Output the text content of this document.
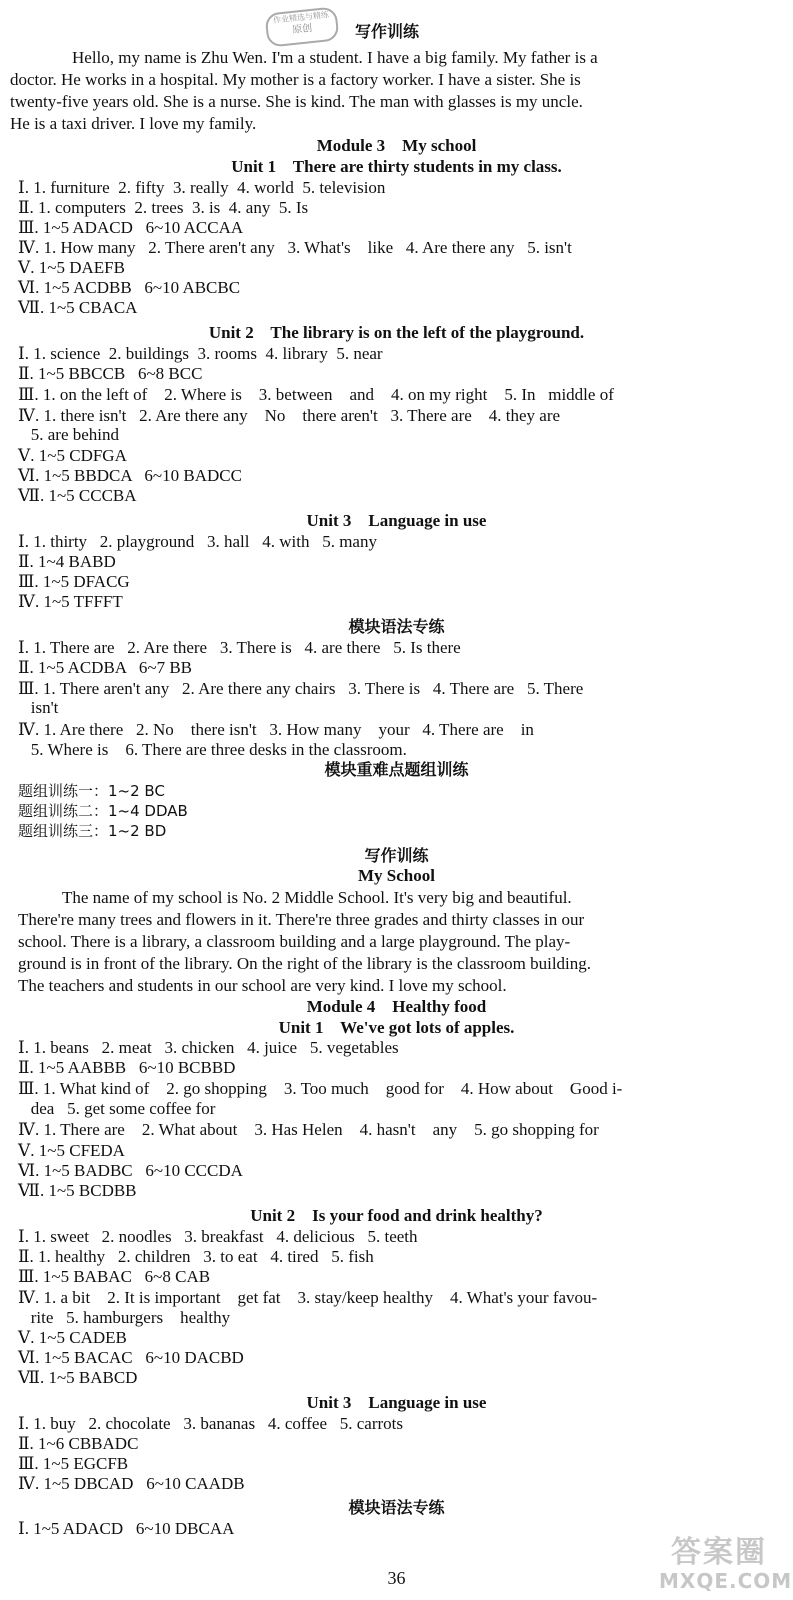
作业精选与精练
原创	写作训练
Hello, my name is Zhu Wen. I'm a student. I have a big family. My father is a
doctor. He works in a hospital. My mother is a factory worker. I have a sister. She is
twenty-five years old. She is a nurse. She is kind. The man with glasses is my uncle.
He is a taxi driver. I love my family.
Module 3    My school
Unit 1    There are thirty students in my class.
Ⅰ. 1. furniture  2. fifty  3. really  4. world  5. television
Ⅱ. 1. computers  2. trees  3. is  4. any  5. Is
Ⅲ. 1~5 ADACD   6~10 ACCAA
Ⅳ. 1. How many   2. There aren't any   3. What's    like   4. Are there any   5. isn't
Ⅴ. 1~5 DAEFB
Ⅵ. 1~5 ACDBB   6~10 ABCBC
Ⅶ. 1~5 CBACA
Unit 2    The library is on the left of the playground.
Ⅰ. 1. science  2. buildings  3. rooms  4. library  5. near
Ⅱ. 1~5 BBCCB   6~8 BCC
Ⅲ. 1. on the left of    2. Where is    3. between    and    4. on my right    5. In   middle of
Ⅳ. 1. there isn't   2. Are there any    No    there aren't   3. There are    4. they are
5. are behind
Ⅴ. 1~5 CDFGA
Ⅵ. 1~5 BBDCA   6~10 BADCC
Ⅶ. 1~5 CCCBA
Unit 3    Language in use
Ⅰ. 1. thirty   2. playground   3. hall   4. with   5. many
Ⅱ. 1~4 BABD
Ⅲ. 1~5 DFACG
Ⅳ. 1~5 TFFFT
模块语法专练
Ⅰ. 1. There are   2. Are there   3. There is   4. are there   5. Is there
Ⅱ. 1~5 ACDBA   6~7 BB
Ⅲ. 1. There aren't any   2. Are there any chairs   3. There is   4. There are   5. There
isn't
Ⅳ. 1. Are there   2. No    there isn't   3. How many    your   4. There are    in
5. Where is    6. There are three desks in the classroom.
模块重难点题组训练
题组训练一：1~2 BC
题组训练二：1~4 DDAB
题组训练三：1~2 BD
写作训练
My School
The name of my school is No. 2 Middle School. It's very big and beautiful.
There're many trees and flowers in it. There're three grades and thirty classes in our
school. There is a library, a classroom building and a large playground. The play-
ground is in front of the library. On the right of the library is the classroom building.
The teachers and students in our school are very kind. I love my school.
Module 4    Healthy food
Unit 1    We've got lots of apples.
Ⅰ. 1. beans   2. meat   3. chicken   4. juice   5. vegetables
Ⅱ. 1~5 AABBB   6~10 BCBBD
Ⅲ. 1. What kind of    2. go shopping    3. Too much    good for    4. How about    Good i-
dea   5. get some coffee for
Ⅳ. 1. There are    2. What about    3. Has Helen    4. hasn't    any    5. go shopping for
Ⅴ. 1~5 CFEDA
Ⅵ. 1~5 BADBC   6~10 CCCDA
Ⅶ. 1~5 BCDBB
Unit 2    Is your food and drink healthy?
Ⅰ. 1. sweet   2. noodles   3. breakfast   4. delicious   5. teeth
Ⅱ. 1. healthy   2. children   3. to eat   4. tired   5. fish
Ⅲ. 1~5 BABAC   6~8 CAB
Ⅳ. 1. a bit    2. It is important    get fat    3. stay/keep healthy    4. What's your favou-
rite   5. hamburgers    healthy
Ⅴ. 1~5 CADEB
Ⅵ. 1~5 BACAC   6~10 DACBD
Ⅶ. 1~5 BABCD
Unit 3    Language in use
Ⅰ. 1. buy   2. chocolate   3. bananas   4. coffee   5. carrots
Ⅱ. 1~6 CBBADC
Ⅲ. 1~5 EGCFB
Ⅳ. 1~5 DBCAD   6~10 CAADB
模块语法专练
Ⅰ. 1~5 ADACD   6~10 DBCAA
36
答案圈
MXQE.COM
